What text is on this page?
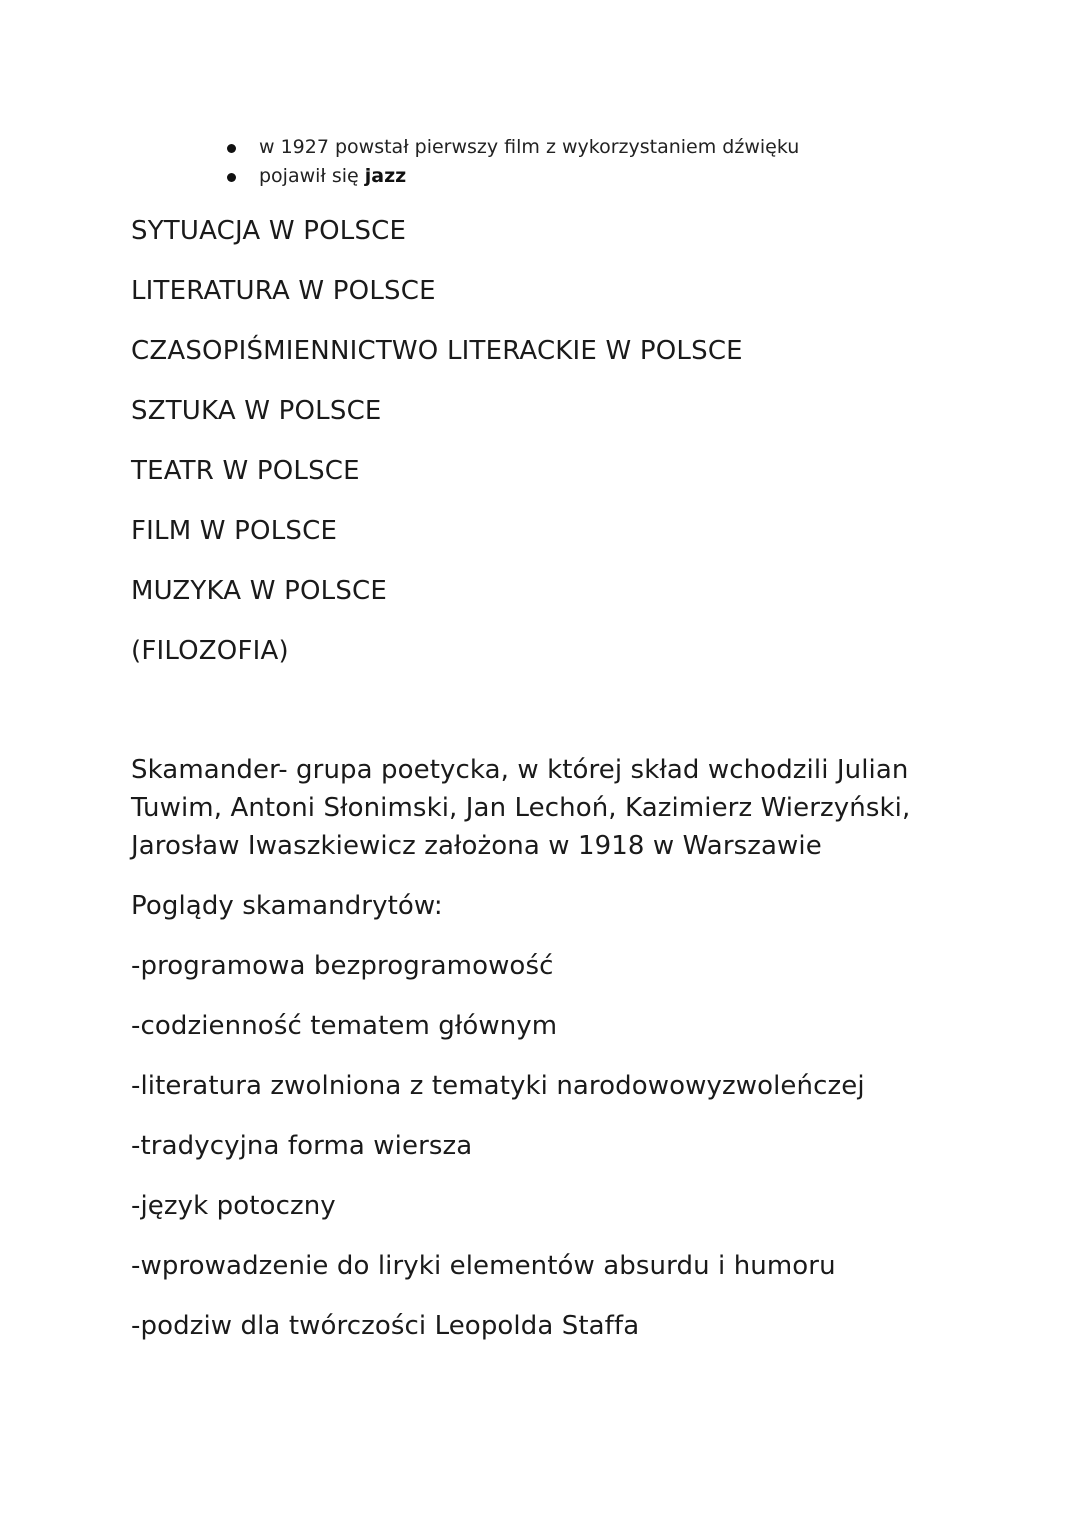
w 1927 powstał pierwszy film z wykorzystaniem dźwięku
pojawił się jazz
SYTUACJA W POLSCE
LITERATURA W POLSCE
CZASOPIŚMIENNICTWO LITERACKIE W POLSCE
SZTUKA W POLSCE
TEATR W POLSCE
FILM W POLSCE
MUZYKA W POLSCE
(FILOZOFIA)
Skamander- grupa poetycka, w której skład wchodzili Julian
Tuwim, Antoni Słonimski, Jan Lechoń, Kazimierz Wierzyński,
Jarosław Iwaszkiewicz założona w 1918 w Warszawie
Poglądy skamandrytów:
-programowa bezprogramowość
-codzienność tematem głównym
-literatura zwolniona z tematyki narodowowyzwoleńczej
-tradycyjna forma wiersza
-język potoczny
-wprowadzenie do liryki elementów absurdu i humoru
-podziw dla twórczości Leopolda Staffa
